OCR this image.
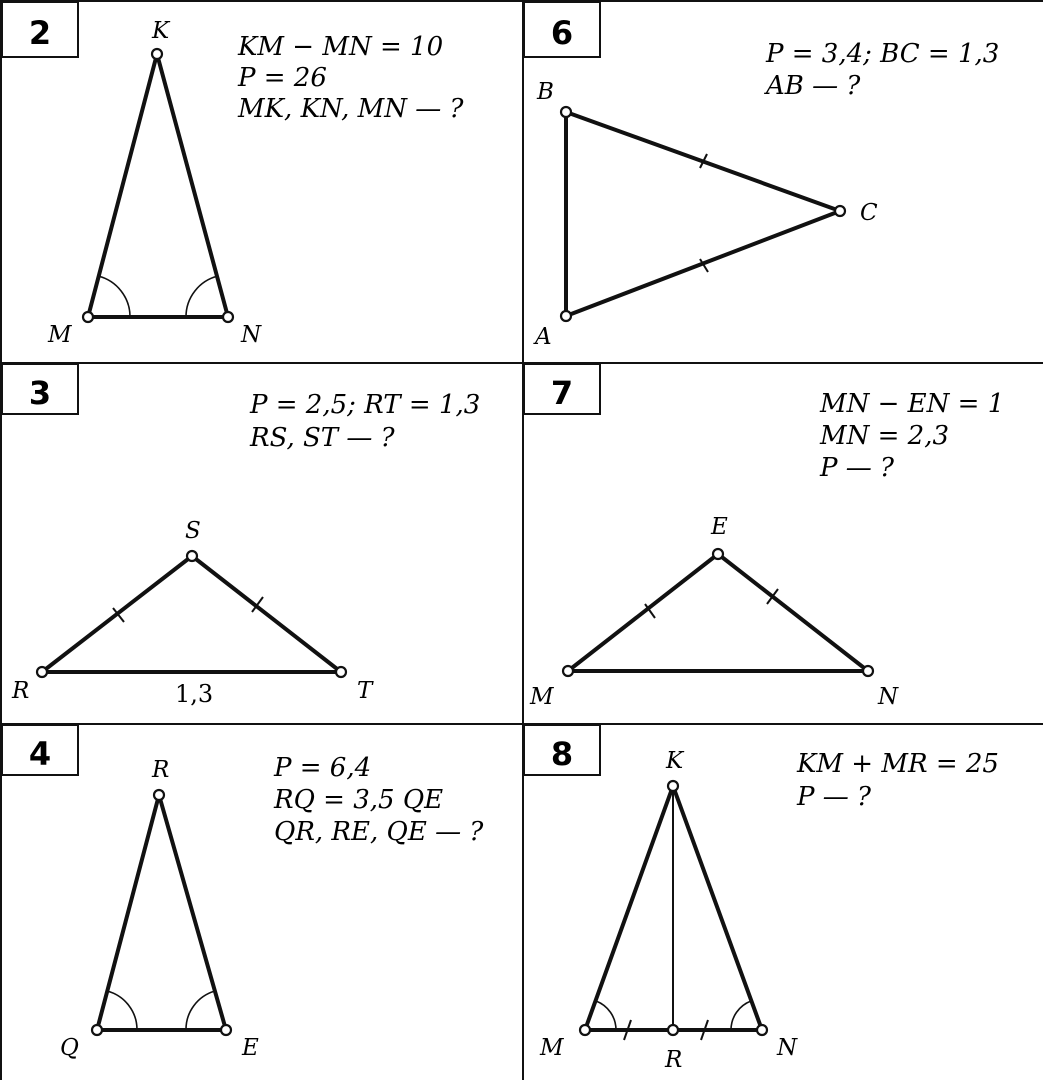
2	KM − MN = 10
P = 26
MK, KN, MN — ?
K
M	N
6
P = 3,4; BC = 1,3
AB — ?
B
A
C
3	P = 2,5; RT = 1,3
RS, ST — ?
S
R	T
1,3
7	MN − EN = 1
MN = 2,3
P — ?
E
M	N
4	P = 6,4
RQ = 3,5 QE
QR, RE, QE — ?
R
Q	E
8	KM + MR = 25
P — ?
K
M	N
R
